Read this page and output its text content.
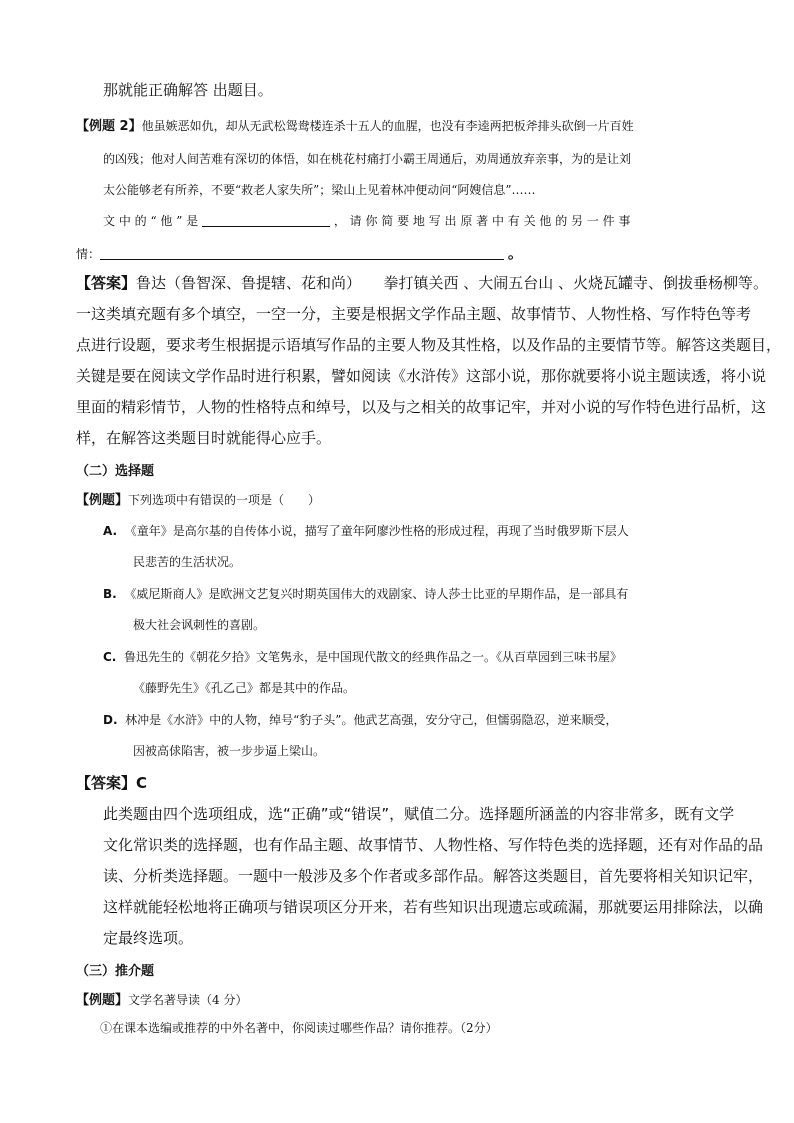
那就能正确解答 出题目。
【例题 2】他虽嫉恶如仇，却从无武松鸳鸯楼连杀十五人的血腥，也没有李逵两把板斧排头砍倒一片百姓
的凶残；他对人间苦难有深切的体悟，如在桃花村痛打小霸王周通后，劝周通放弃亲事，为的是让刘
太公能够老有所养，不要“救老人家失所”；梁山上见着林冲便动问“阿嫂信息”……
文 中 的 “ 他 ” 是	， 请 你 简 要 地 写 出 原 著 中 有 关 他 的 另 一 件 事
情：	。
【答案】鲁达（鲁智深、鲁提辖、花和尚）　　拳打镇关西 、大闹五台山 、火烧瓦罐寺、倒拔垂杨柳等。
一这类填充题有多个填空，一空一分，主要是根据文学作品主题、故事情节、人物性格、写作特色等考
点进行设题，要求考生根据提示语填写作品的主要人物及其性格，以及作品的主要情节等。解答这类题目，
关键是要在阅读文学作品时进行积累，譬如阅读《水浒传》这部小说，那你就要将小说主题读透，将小说
里面的精彩情节，人物的性格特点和绰号，以及与之相关的故事记牢，并对小说的写作特色进行品析，这
样，在解答这类题目时就能得心应手。
（二）选择题
【例题】下列选项中有错误的一项是（　　）
A. 《童年》是高尔基的自传体小说，描写了童年阿廖沙性格的形成过程，再现了当时俄罗斯下层人
民悲苦的生活状况。
B. 《威尼斯商人》是欧洲文艺复兴时期英国伟大的戏剧家、诗人莎士比亚的早期作品，是一部具有
极大社会讽刺性的喜剧。
C. 鲁迅先生的《朝花夕拾》文笔隽永，是中国现代散文的经典作品之一。《从百草园到三味书屋》
《藤野先生》《孔乙己》都是其中的作品。
D. 林冲是《水浒》中的人物，绰号“豹子头”。他武艺高强，安分守己，但懦弱隐忍，逆来顺受，
因被高俅陷害，被一步步逼上梁山。
【答案】C
此类题由四个选项组成，选“正确”或“错误”，赋值二分。选择题所涵盖的内容非常多，既有文学
文化常识类的选择题，也有作品主题、故事情节、人物性格、写作特色类的选择题，还有对作品的品
读、分析类选择题。一题中一般涉及多个作者或多部作品。解答这类题目，首先要将相关知识记牢，
这样就能轻松地将正确项与错误项区分开来，若有些知识出现遗忘或疏漏，那就要运用排除法，以确
定最终选项。
（三）推介题
【例题】文学名著导读（4 分）
①在课本选编或推荐的中外名著中，你阅读过哪些作品？请你推荐。（2分）
